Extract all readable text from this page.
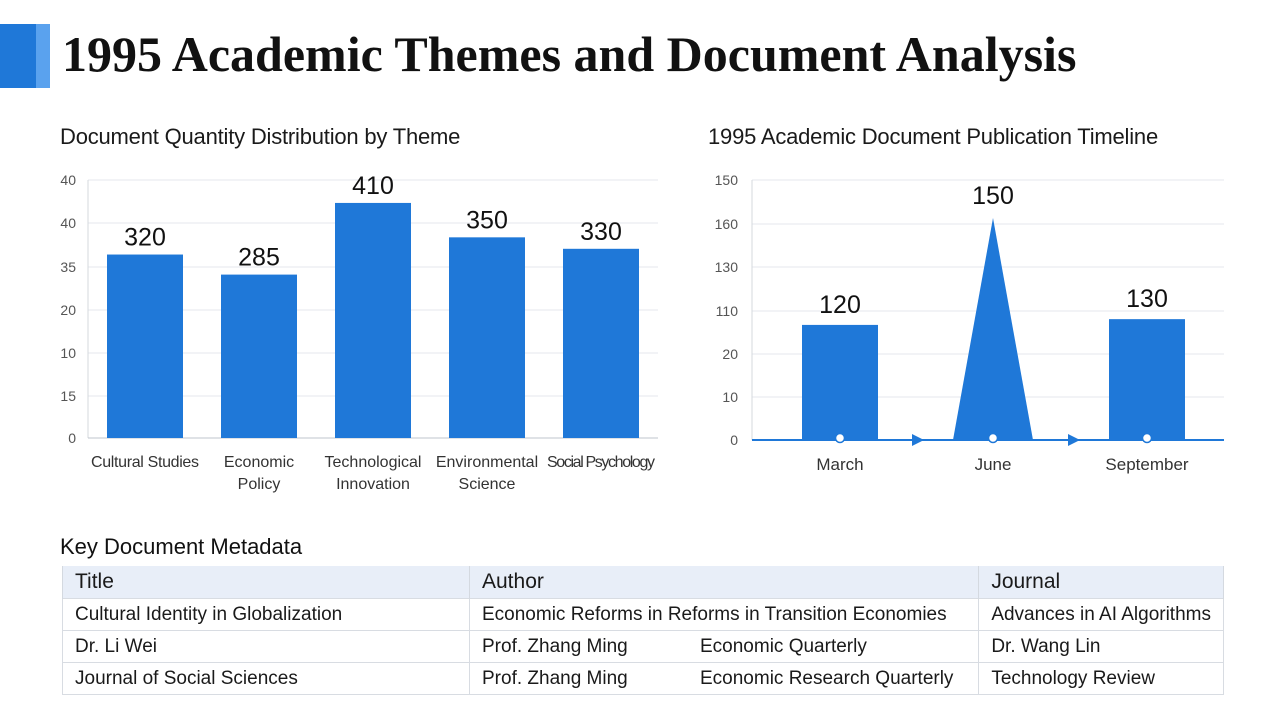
1995 Academic Themes and Document Analysis
Document Quantity Distribution by Theme	1995 Academic Document Publication Timeline
40
40
35
20
10
15
0
320
Cultural Studies
285
Economic
Policy
410
Technological
Innovation
350
Environmental
Science
330
Social Psychology
150
160
130
110
20
10
0
120
March
150
June
130
September
Key Document Metadata
Title	Author	Journal
Cultural Identity in Globalization	Economic Reforms in Reforms in Transition Economies	Advances in AI Algorithms
Dr. Li Wei	Prof. Zhang Ming Economic Quarterly	Dr. Wang Lin
Journal of Social Sciences	Prof. Zhang Ming Economic Research Quarterly	Technology Review
